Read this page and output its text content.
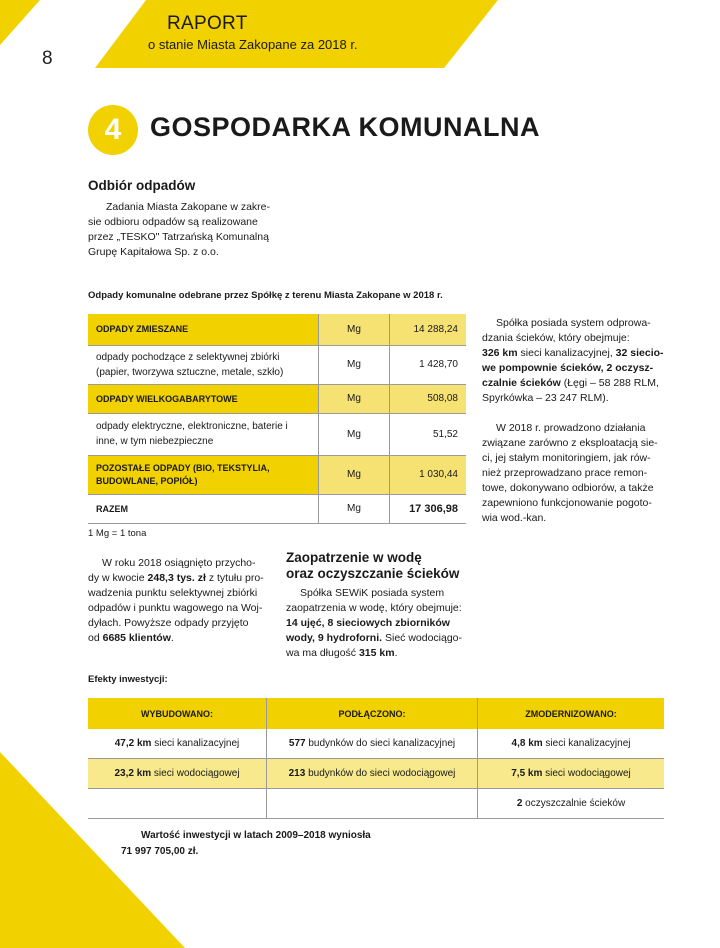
8
RAPORT
o stanie Miasta Zakopane za 2018 r.
4	GOSPODARKA KOMUNALNA
Odbiór odpadów
Zadania Miasta Zakopane w zakre-
sie odbioru odpadów są realizowane
przez „TESKO" Tatrzańską Komunalną
Grupę Kapitałowa Sp. z o.o.
Odpady komunalne odebrane przez Spółkę z terenu Miasta Zakopane w 2018 r.
ODPADY ZMIESZANE	Mg	14 288,24
odpady pochodzące z selektywnej zbiórki (papier, tworzywa sztuczne, metale, szkło)	Mg	1 428,70
ODPADY WIELKOGABARYTOWE	Mg	508,08
odpady elektryczne, elektroniczne, baterie i inne, w tym niebezpieczne	Mg	51,52
POZOSTAŁE ODPADY (BIO, TEKSTYLIA, BUDOWLANE, POPIÓŁ)	Mg	1 030,44
RAZEM	Mg	17 306,98
1 Mg = 1 tona
Spółka posiada system odprowa-
dzania ścieków, który obejmuje:
326 km sieci kanalizacyjnej, 32 siecio-
we pompownie ścieków, 2 oczysz-
czalnie ścieków (Łęgi – 58 288 RLM,
Spyrkówka – 23 247 RLM).
W 2018 r. prowadzono działania
związane zarówno z eksploatacją sie-
ci, jej stałym monitoringiem, jak rów-
nież przeprowadzano prace remon-
towe, dokonywano odbiorów, a także
zapewniono funkcjonowanie pogoto-
wia wod.-kan.
W roku 2018 osiągnięto przycho-
dy w kwocie 248,3 tys. zł z tytułu pro-
wadzenia punktu selektywnej zbiórki
odpadów i punktu wagowego na Woj-
dyłach. Powyższe odpady przyjęto
od 6685 klientów.
Zaopatrzenie w wodę
oraz oczyszczanie ścieków
Spółka SEWiK posiada system
zaopatrzenia w wodę, który obejmuje:
14 ujęć, 8 sieciowych zbiorników
wody, 9 hydroforni. Sieć wodociągo-
wa ma długość 315 km.
Efekty inwestycji:
WYBUDOWANO:	PODŁĄCZONO:	ZMODERNIZOWANO:
47,2 km sieci kanalizacyjnej	577 budynków do sieci kanalizacyjnej	4,8 km sieci kanalizacyjnej
23,2 km sieci wodociągowej	213 budynków do sieci wodociągowej	7,5 km sieci wodociągowej
		2 oczyszczalnie ścieków
Wartość inwestycji w latach 2009–2018 wyniosła
71 997 705,00 zł.
